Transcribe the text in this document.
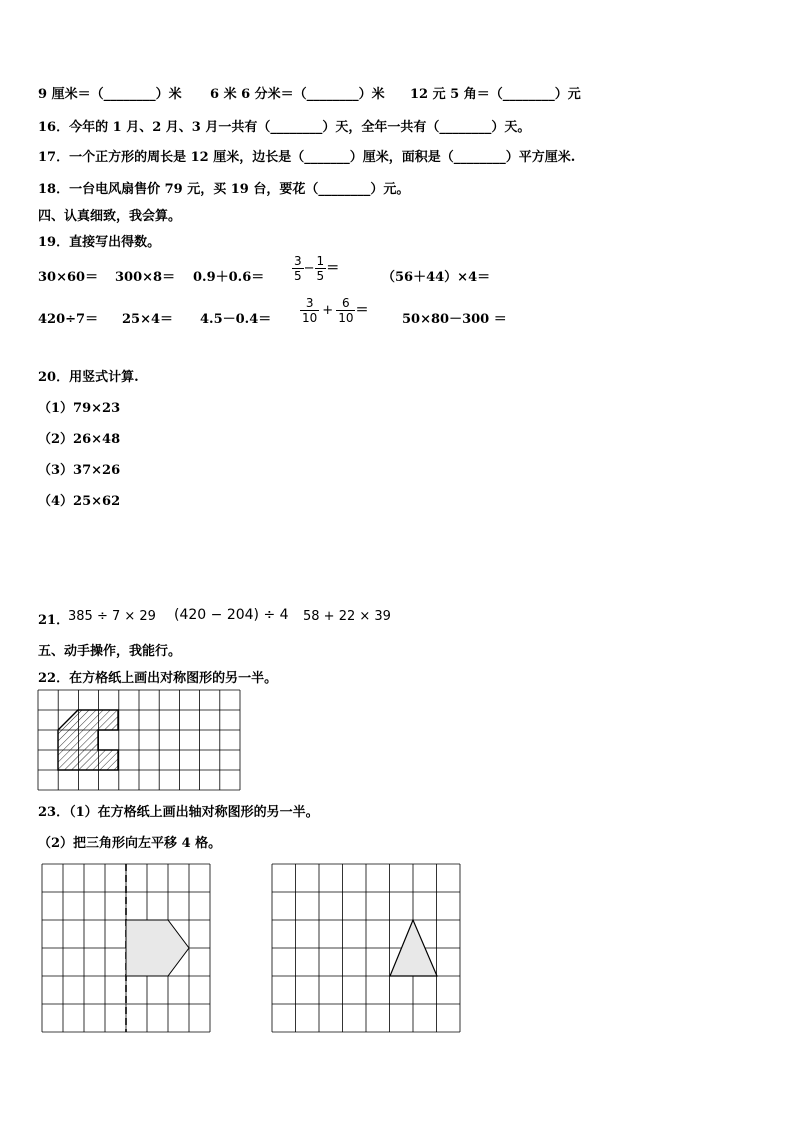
9 厘米＝（________）米 6 米 6 分米＝（________）米 12 元 5 角＝（________）元
16．今年的 1 月、2 月、3 月一共有（________）天，全年一共有（________）天。
17．一个正方形的周长是 12 厘米，边长是（_______）厘米，面积是（________）平方厘米.
18．一台电风扇售价 79 元，买 19 台，要花（________）元。
四、认真细致，我会算。
19．直接写出得数。
$30\times 60= 300\times 8= 0.9+0.6= \frac{3}{5} - \frac{1}{5}$ ＝
（56＋44）×4＝
$420\div 7= 25\times 4= 4.5-0.4= \frac{3}{10} + \frac{6}{10}$ ＝
50×80－300 ＝
20．用竖式计算.
（1）79×23
（2）26×48
（3）37×26
（4）25×62
21．
385 ÷ 7 × 29 (420 − 204) ÷ 4 58 + 22 × 39
五、动手操作，我能行。
22．在方格纸上画出对称图形的另一半。
23．（1）在方格纸上画出轴对称图形的另一半。
（2）把三角形向左平移 4 格。
